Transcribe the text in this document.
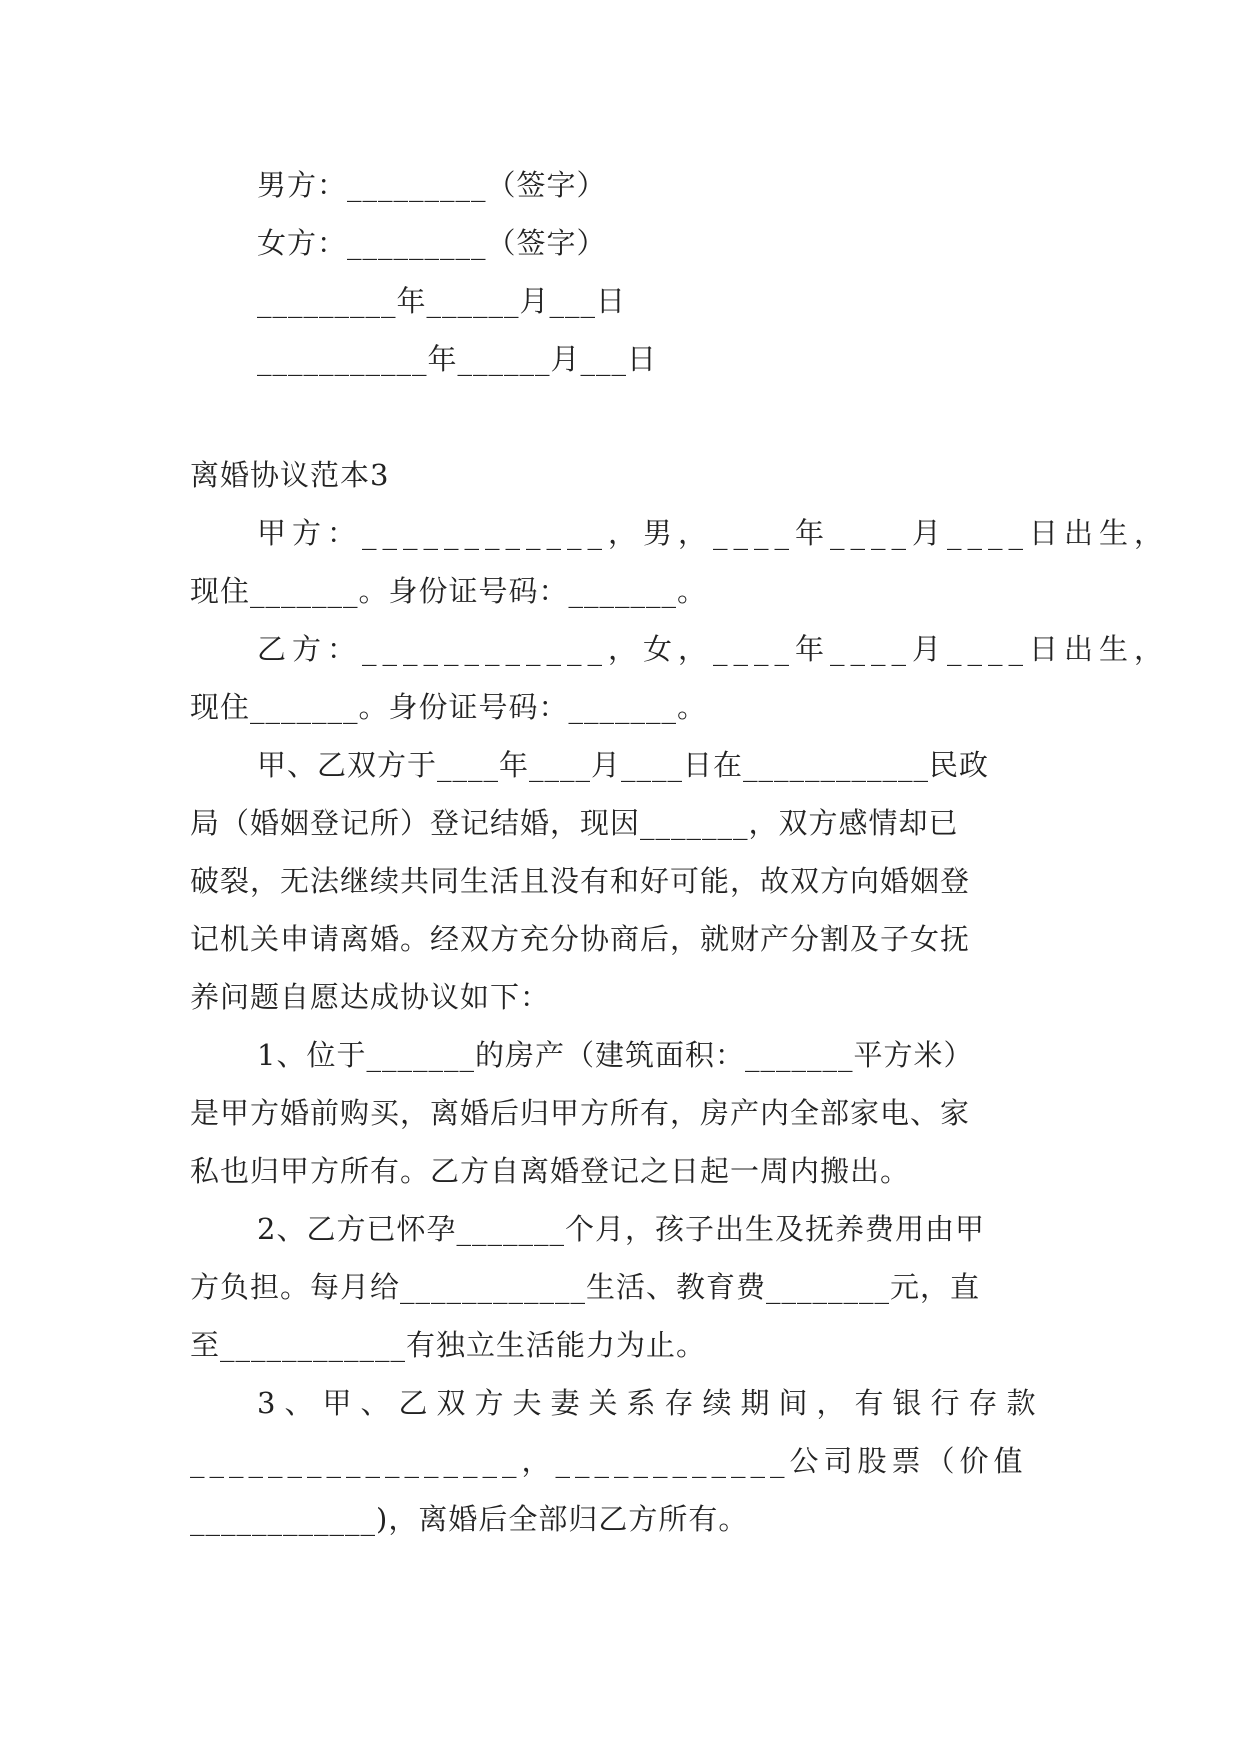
男方：_________（签字）
女方：_________（签字）
_________年______月___日
___________年______月___日
离婚协议范本3
甲方：____________，男，____年____月____日出生，
现住_______。身份证号码：_______。
乙方：____________，女，____年____月____日出生，
现住_______。身份证号码：_______。
甲、乙双方于____年____月____日在____________民政
局（婚姻登记所）登记结婚，现因_______，双方感情却已
破裂，无法继续共同生活且没有和好可能，故双方向婚姻登
记机关申请离婚。经双方充分协商后，就财产分割及子女抚
养问题自愿达成协议如下：
1、位于_______的房产（建筑面积：_______平方米）
是甲方婚前购买，离婚后归甲方所有，房产内全部家电、家
私也归甲方所有。乙方自离婚登记之日起一周内搬出。
2、乙方已怀孕_______个月，孩子出生及抚养费用由甲
方负担。每月给____________生活、教育费________元，直
至____________有独立生活能力为止。
3、甲、乙双方夫妻关系存续期间，有银行存款
_________________，____________公司股票（价值
____________)，离婚后全部归乙方所有。
